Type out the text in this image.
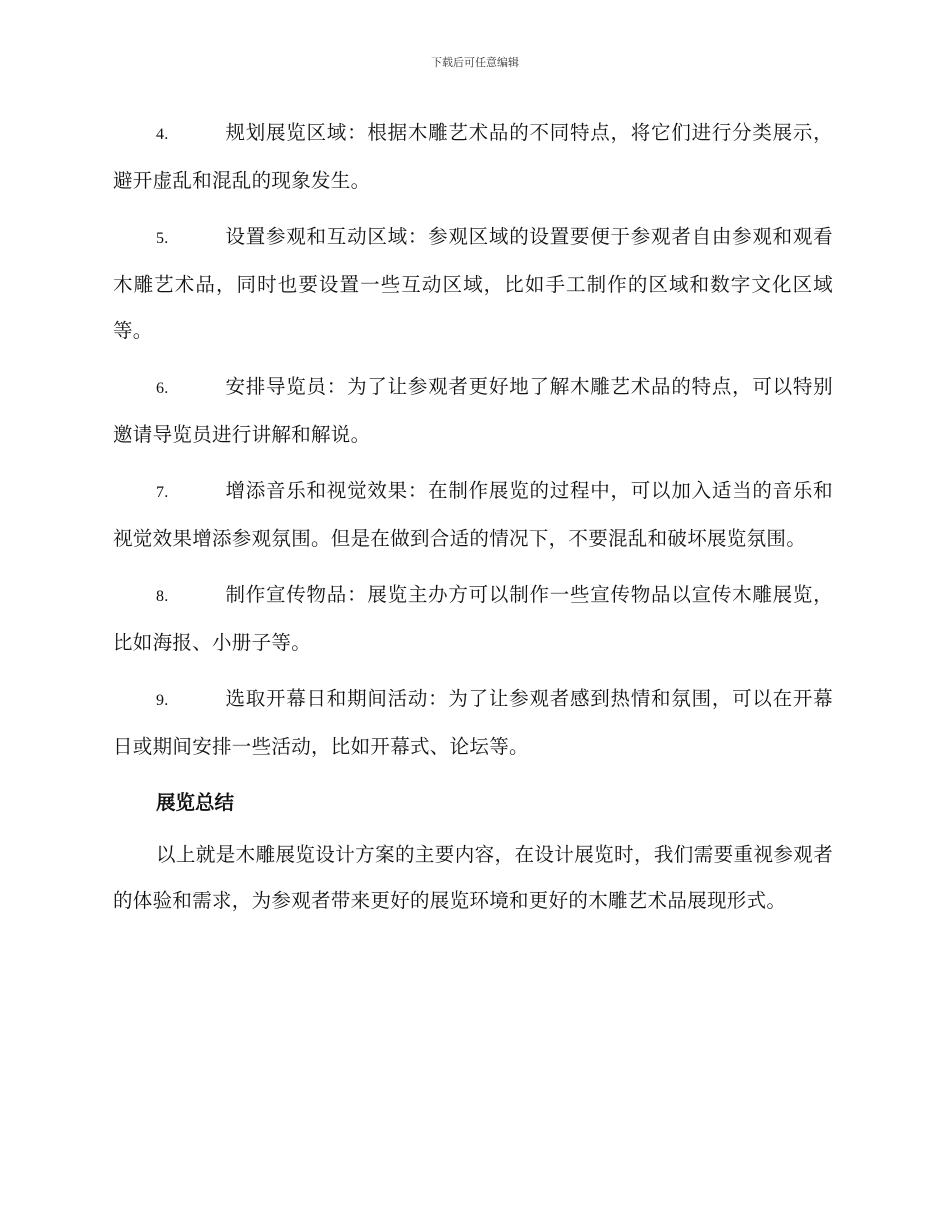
下载后可任意编辑

4.	规划展览区域：根据木雕艺术品的不同特点，将它们进行分类展示，避开虚乱和混乱的现象发生。

5.	设置参观和互动区域：参观区域的设置要便于参观者自由参观和观看木雕艺术品，同时也要设置一些互动区域，比如手工制作的区域和数字文化区域等。

6.	安排导览员：为了让参观者更好地了解木雕艺术品的特点，可以特别邀请导览员进行讲解和解说。

7.	增添音乐和视觉效果：在制作展览的过程中，可以加入适当的音乐和视觉效果增添参观氛围。但是在做到合适的情况下，不要混乱和破坏展览氛围。

8.	制作宣传物品：展览主办方可以制作一些宣传物品以宣传木雕展览，比如海报、小册子等。

9.	选取开幕日和期间活动：为了让参观者感到热情和氛围，可以在开幕日或期间安排一些活动，比如开幕式、论坛等。

展览总结

以上就是木雕展览设计方案的主要内容，在设计展览时，我们需要重视参观者的体验和需求，为参观者带来更好的展览环境和更好的木雕艺术品展现形式。
